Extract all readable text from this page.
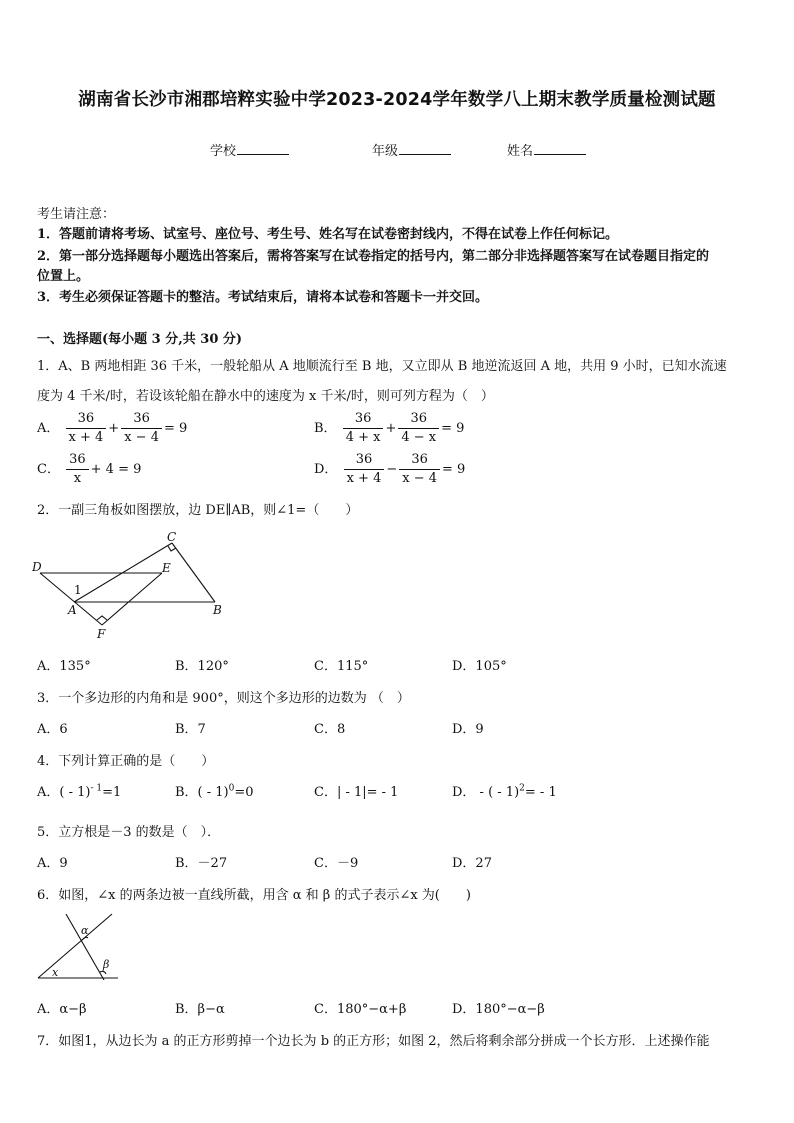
湖南省长沙市湘郡培粹实验中学2023-2024学年数学八上期末教学质量检测试题
学校	年级	姓名
考生请注意：
1．答题前请将考场、试室号、座位号、考生号、姓名写在试卷密封线内，不得在试卷上作任何标记。
2．第一部分选择题每小题选出答案后，需将答案写在试卷指定的括号内，第二部分非选择题答案写在试卷题目指定的
位置上。
3．考生必须保证答题卡的整洁。考试结束后，请将本试卷和答题卡一并交回。
一、选择题(每小题 3 分,共 30 分)
1．A、B 两地相距 36 千米，一般轮船从 A 地顺流行至 B 地，又立即从 B 地逆流返回 A 地，共用 9 小时，已知水流速
度为 4 千米/时，若设该轮船在静水中的速度为 x 千米/时，则可列方程为（　）
A． $\frac{36}{x + 4} + \frac{36}{x - 4} = 9$	B． $\frac{36}{4 + x} + \frac{36}{4 - x} = 9$
C． $\frac{36}{x} + 4 = 9$	D． $\frac{36}{x + 4} - \frac{36}{x - 4} = 9$
2．一副三角板如图摆放，边 DE∥AB，则∠1=（　　）
C
D	E
A	B
F
1
A．135°	B．120°	C．115°	D．105°
3．一个多边形的内角和是 900°，则这个多边形的边数为 （　）
A．6	B．7	C．8	D．9
4．下列计算正确的是（　　）
A．( - 1)$^{- 1}$=1	B．( - 1)$^0$=0	C．| - 1|= - 1	D． - ( - 1)$^2$= - 1
5．立方根是－3 的数是（　）．
A．9	B．－27	C．－9	D．27
6．如图，∠x 的两条边被一直线所截，用含 α 和 β 的式子表示∠x 为(　　)
α
β
x
A．α−β	B．β−α	C．180°−α+β	D．180°−α−β
7．如图1，从边长为 a 的正方形剪掉一个边长为 b 的正方形；如图 2，然后将剩余部分拼成一个长方形．上述操作能
